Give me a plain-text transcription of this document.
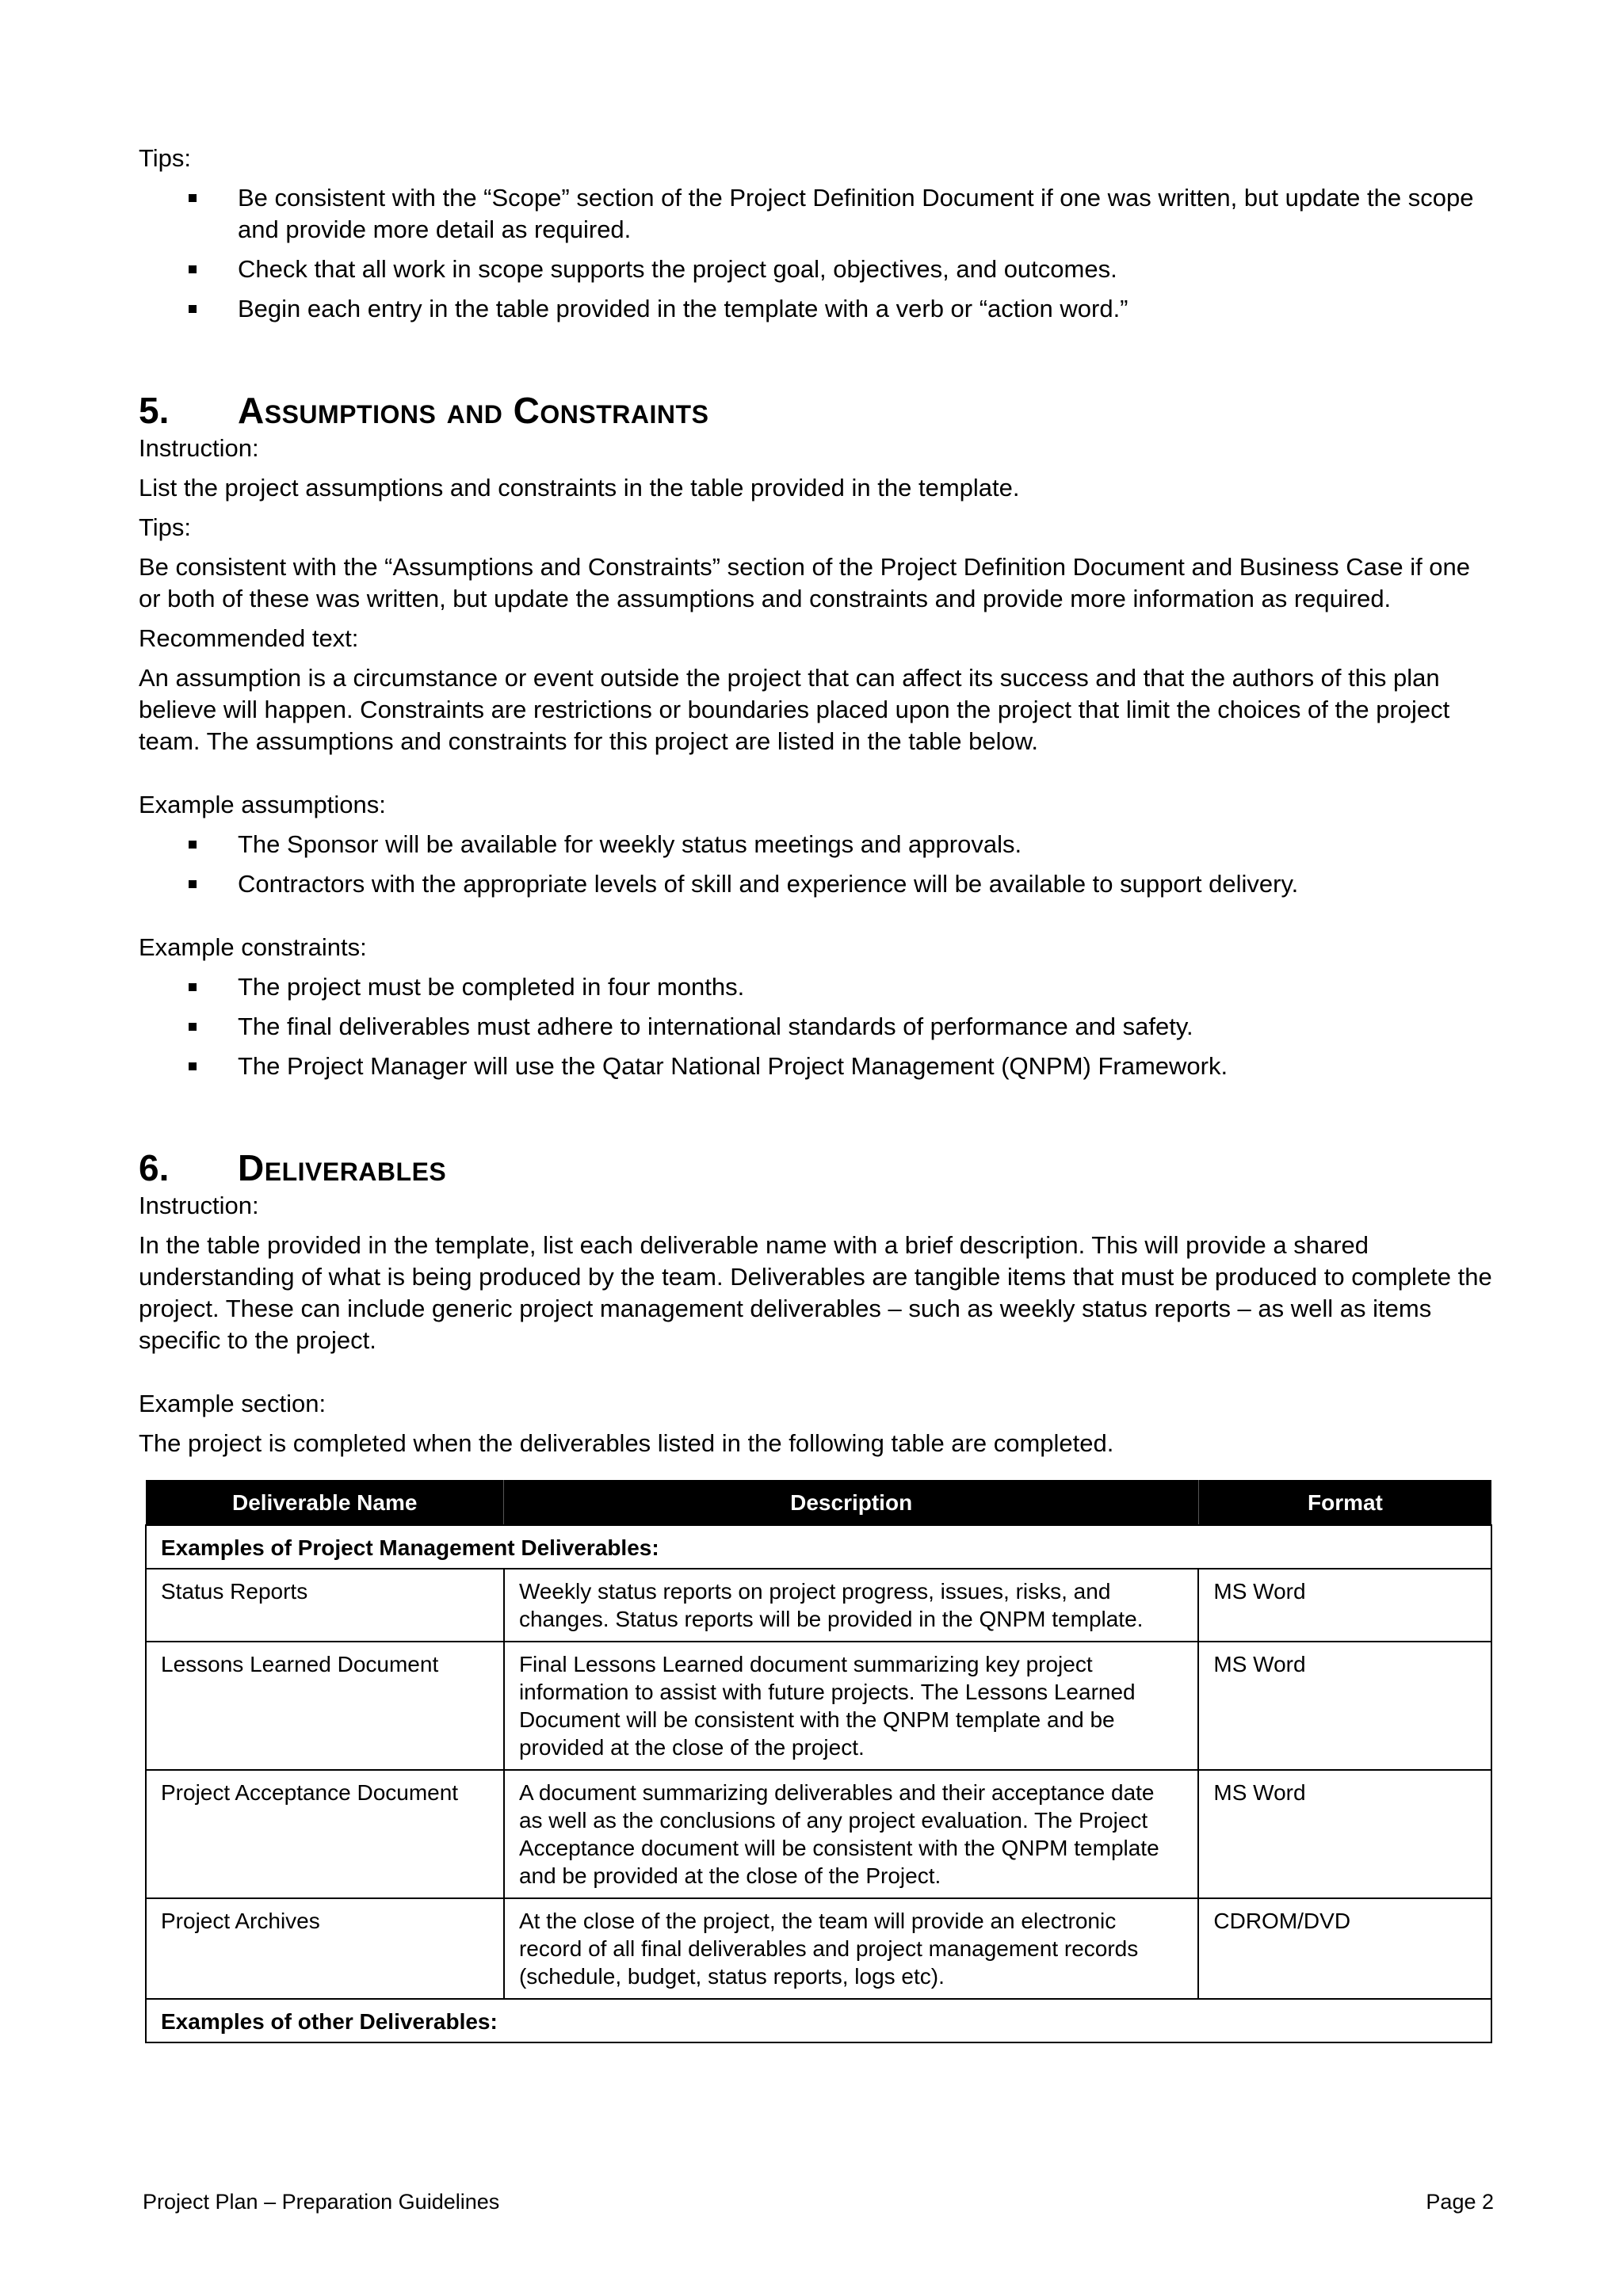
Tips:

Be consistent with the “Scope” section of the Project Definition Document if one was written, but update the scope and provide more detail as required.
Check that all work in scope supports the project goal, objectives, and outcomes.
Begin each entry in the table provided in the template with a verb or “action word.”
5.	Assumptions and Constraints

Instruction:

List the project assumptions and constraints in the table provided in the template.

Tips:

Be consistent with the “Assumptions and Constraints” section of the Project Definition Document and Business Case if one or both of these was written, but update the assumptions and constraints and provide more information as required.

Recommended text:

An assumption is a circumstance or event outside the project that can affect its success and that the authors of this plan believe will happen. Constraints are restrictions or boundaries placed upon the project that limit the choices of the project team. The assumptions and constraints for this project are listed in the table below.

Example assumptions:

The Sponsor will be available for weekly status meetings and approvals.
Contractors with the appropriate levels of skill and experience will be available to support delivery.

Example constraints:

The project must be completed in four months.
The final deliverables must adhere to international standards of performance and safety.
The Project Manager will use the Qatar National Project Management (QNPM) Framework.
6.	Deliverables

Instruction:

In the table provided in the template, list each deliverable name with a brief description. This will provide a shared understanding of what is being produced by the team. Deliverables are tangible items that must be produced to complete the project. These can include generic project management deliverables – such as weekly status reports – as well as items specific to the project.

Example section:

The project is completed when the deliverables listed in the following table are completed.

Deliverable Name	Description	Format
Examples of Project Management Deliverables:		
Status Reports	Weekly status reports on project progress, issues, risks, and changes. Status reports will be provided in the QNPM template.	MS Word
Lessons Learned Document	Final Lessons Learned document summarizing key project information to assist with future projects. The Lessons Learned Document will be consistent with the QNPM template and be provided at the close of the project.	MS Word
Project Acceptance Document	A document summarizing deliverables and their acceptance date as well as the conclusions of any project evaluation. The Project Acceptance document will be consistent with the QNPM template and be provided at the close of the Project.	MS Word
Project Archives	At the close of the project, the team will provide an electronic record of all final deliverables and project management records (schedule, budget, status reports, logs etc).	CDROM/DVD
Examples of other Deliverables:		
Project Plan – Preparation Guidelines	Page 2
